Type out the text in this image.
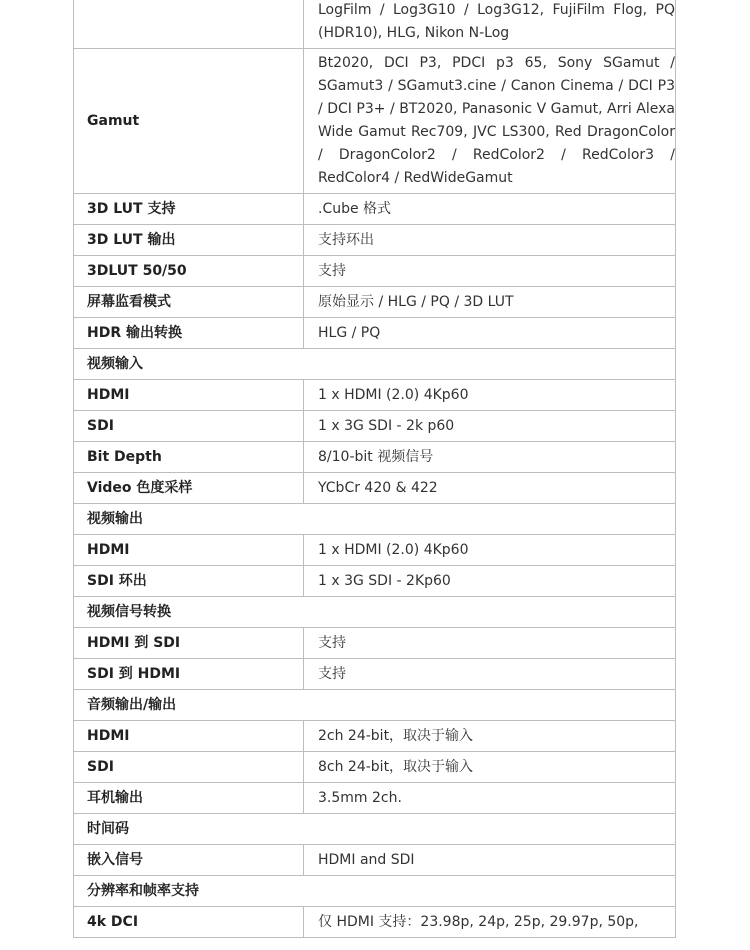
	LogFilm / Log3G10 / Log3G12, FujiFilm Flog, PQ (HDR10), HLG, Nikon N-Log
Gamut	Bt2020, DCI P3, PDCI p3 65, Sony SGamut / SGamut3 / SGamut3.cine / Canon Cinema / DCI P3 / DCI P3+ / BT2020, Panasonic V Gamut, Arri Alexa Wide Gamut Rec709, JVC LS300, Red DragonColor / DragonColor2 / RedColor2 / RedColor3 / RedColor4 / RedWideGamut
3D LUT 支持	.Cube 格式
3D LUT 输出	支持环出
3DLUT 50/50	支持
屏幕监看模式	原始显示 / HLG / PQ / 3D LUT
HDR 输出转换	HLG / PQ
视频输入	
HDMI	1 x HDMI (2.0) 4Kp60
SDI	1 x 3G SDI - 2k p60
Bit Depth	8/10-bit 视频信号
Video 色度采样	YCbCr 420 & 422
视频输出	
HDMI	1 x HDMI (2.0) 4Kp60
SDI 环出	1 x 3G SDI - 2Kp60
视频信号转换	
HDMI 到 SDI	支持
SDI 到 HDMI	支持
音频输出/输出	
HDMI	2ch 24-bit，取决于输入
SDI	8ch 24-bit，取决于输入
耳机输出	3.5mm 2ch.
时间码	
嵌入信号	HDMI and SDI
分辨率和帧率支持	
4k DCI	仅 HDMI 支持：23.98p, 24p, 25p, 29.97p, 50p,
